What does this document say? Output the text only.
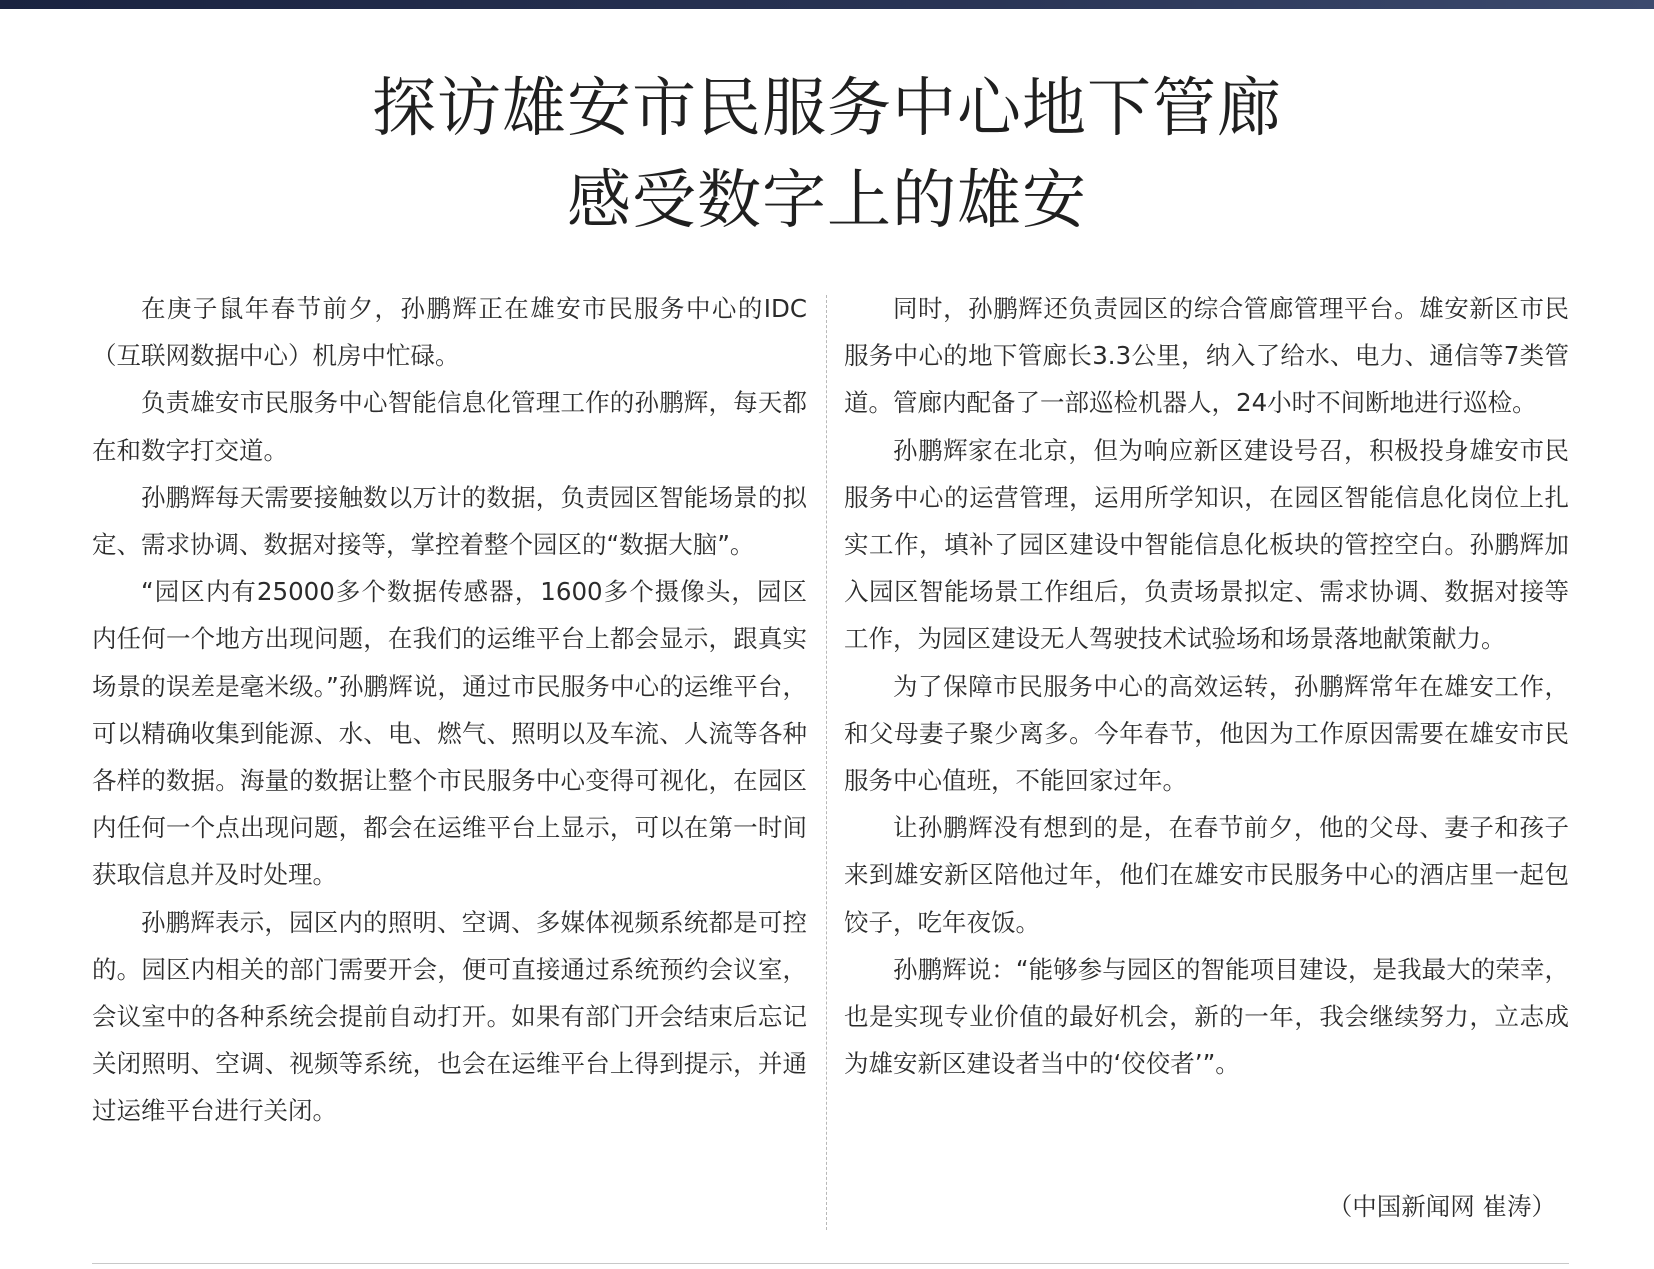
探访雄安市民服务中心地下管廊
感受数字上的雄安

在庚子鼠年春节前夕，孙鹏辉正在雄安市民服务中心的IDC（互联网数据中心）机房中忙碌。

负责雄安市民服务中心智能信息化管理工作的孙鹏辉，每天都在和数字打交道。

孙鹏辉每天需要接触数以万计的数据，负责园区智能场景的拟定、需求协调、数据对接等，掌控着整个园区的“数据大脑”。

“园区内有25000多个数据传感器，1600多个摄像头，园区内任何一个地方出现问题，在我们的运维平台上都会显示，跟真实场景的误差是毫米级。”孙鹏辉说，通过市民服务中心的运维平台，可以精确收集到能源、水、电、燃气、照明以及车流、人流等各种各样的数据。海量的数据让整个市民服务中心变得可视化，在园区内任何一个点出现问题，都会在运维平台上显示，可以在第一时间获取信息并及时处理。

孙鹏辉表示，园区内的照明、空调、多媒体视频系统都是可控的。园区内相关的部门需要开会，便可直接通过系统预约会议室，会议室中的各种系统会提前自动打开。如果有部门开会结束后忘记关闭照明、空调、视频等系统，也会在运维平台上得到提示，并通过运维平台进行关闭。

同时，孙鹏辉还负责园区的综合管廊管理平台。雄安新区市民服务中心的地下管廊长3.3公里，纳入了给水、电力、通信等7类管道。管廊内配备了一部巡检机器人，24小时不间断地进行巡检。

孙鹏辉家在北京，但为响应新区建设号召，积极投身雄安市民服务中心的运营管理，运用所学知识，在园区智能信息化岗位上扎实工作，填补了园区建设中智能信息化板块的管控空白。孙鹏辉加入园区智能场景工作组后，负责场景拟定、需求协调、数据对接等工作，为园区建设无人驾驶技术试验场和场景落地献策献力。

为了保障市民服务中心的高效运转，孙鹏辉常年在雄安工作，和父母妻子聚少离多。今年春节，他因为工作原因需要在雄安市民服务中心值班，不能回家过年。

让孙鹏辉没有想到的是，在春节前夕，他的父母、妻子和孩子来到雄安新区陪他过年，他们在雄安市民服务中心的酒店里一起包饺子，吃年夜饭。

孙鹏辉说：“能够参与园区的智能项目建设，是我最大的荣幸，也是实现专业价值的最好机会，新的一年，我会继续努力，立志成为雄安新区建设者当中的‘佼佼者’”。

（中国新闻网 崔涛）
